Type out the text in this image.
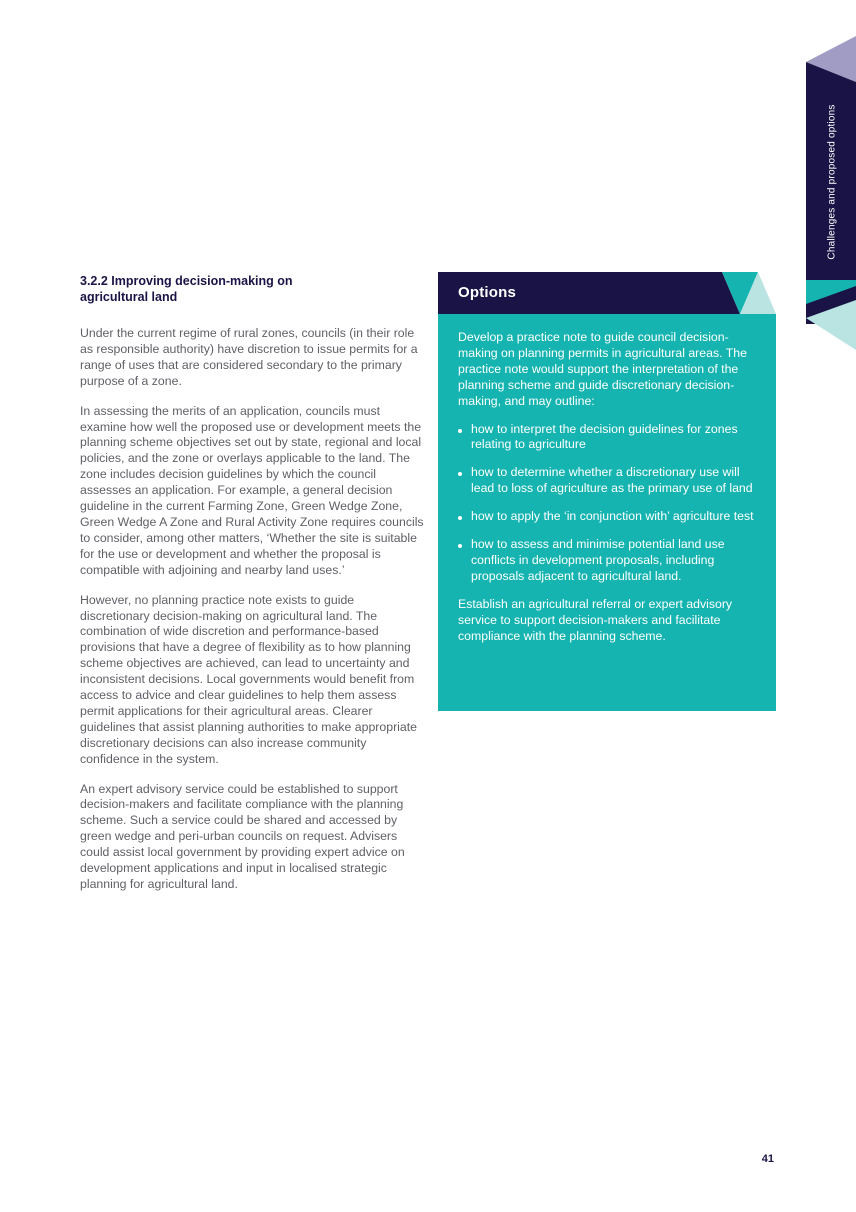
Challenges and proposed options
3.2.2 Improving decision-making on agricultural land

Under the current regime of rural zones, councils (in their role as responsible authority) have discretion to issue permits for a range of uses that are considered secondary to the primary purpose of a zone.

In assessing the merits of an application, councils must examine how well the proposed use or development meets the planning scheme objectives set out by state, regional and local policies, and the zone or overlays applicable to the land. The zone includes decision guidelines by which the council assesses an application. For example, a general decision guideline in the current Farming Zone, Green Wedge Zone, Green Wedge A Zone and Rural Activity Zone requires councils to consider, among other matters, ‘Whether the site is suitable for the use or development and whether the proposal is compatible with adjoining and nearby land uses.’

However, no planning practice note exists to guide discretionary decision-making on agricultural land. The combination of wide discretion and performance-based provisions that have a degree of flexibility as to how planning scheme objectives are achieved, can lead to uncertainty and inconsistent decisions. Local governments would benefit from access to advice and clear guidelines to help them assess permit applications for their agricultural areas. Clearer guidelines that assist planning authorities to make appropriate discretionary decisions can also increase community confidence in the system.

An expert advisory service could be established to support decision-makers and facilitate compliance with the planning scheme. Such a service could be shared and accessed by green wedge and peri-urban councils on request. Advisers could assist local government by providing expert advice on development applications and input in localised strategic planning for agricultural land.

Options

Develop a practice note to guide council decision-making on planning permits in agricultural areas. The practice note would support the interpretation of the planning scheme and guide discretionary decision-making, and may outline:

how to interpret the decision guidelines for zones relating to agriculture
how to determine whether a discretionary use will lead to loss of agriculture as the primary use of land
how to apply the ‘in conjunction with’ agriculture test
how to assess and minimise potential land use conflicts in development proposals, including proposals adjacent to agricultural land.

Establish an agricultural referral or expert advisory service to support decision-makers and facilitate compliance with the planning scheme.

41
